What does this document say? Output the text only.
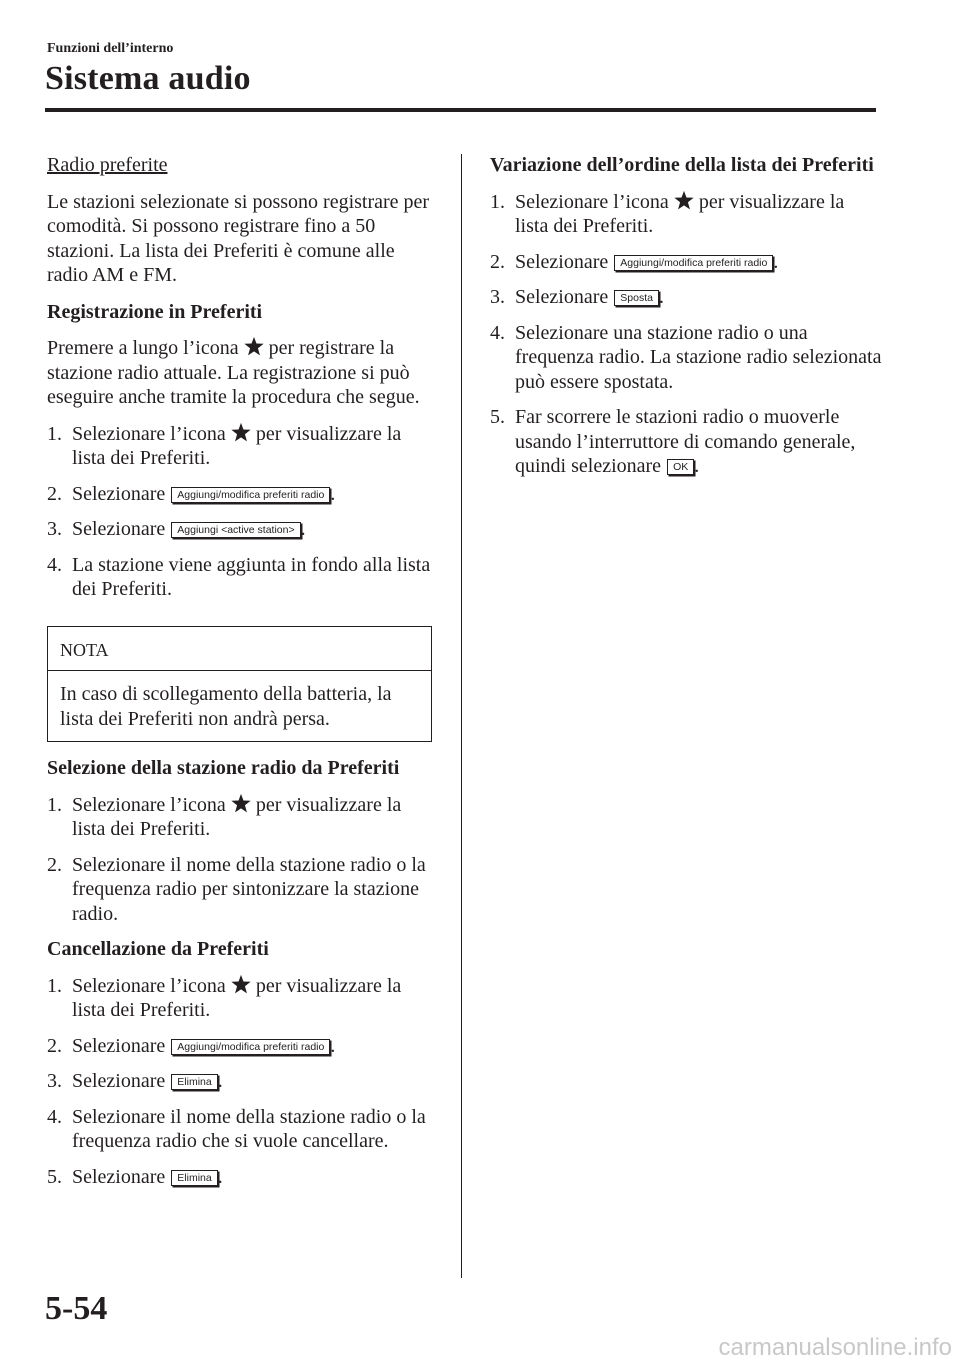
Funzioni dell’interno
Sistema audio
Radio preferite
Le stazioni selezionate si possono registrare per comodità. Si possono registrare fino a 50 stazioni. La lista dei Preferiti è comune alle radio AM e FM.
Registrazione in Preferiti
Premere a lungo l’icona per registrare la stazione radio attuale. La registrazione si può eseguire anche tramite la procedura che segue.
1. Selezionare l’icona per visualizzare la lista dei Preferiti.
2. Selezionare Aggiungi/modifica preferiti radio .
3. Selezionare Aggiungi <active station> .
4. La stazione viene aggiunta in fondo alla lista dei Preferiti.
NOTA
In caso di scollegamento della batteria, la lista dei Preferiti non andrà persa.
Selezione della stazione radio da Preferiti
1. Selezionare l’icona per visualizzare la lista dei Preferiti.
2. Selezionare il nome della stazione radio o la frequenza radio per sintonizzare la stazione radio.
Cancellazione da Preferiti
1. Selezionare l’icona per visualizzare la lista dei Preferiti.
2. Selezionare Aggiungi/modifica preferiti radio .
3. Selezionare Elimina .
4. Selezionare il nome della stazione radio o la frequenza radio che si vuole cancellare.
5. Selezionare Elimina .
Variazione dell’ordine della lista dei Preferiti
1. Selezionare l’icona per visualizzare la lista dei Preferiti.
2. Selezionare Aggiungi/modifica preferiti radio .
3. Selezionare Sposta .
4. Selezionare una stazione radio o una frequenza radio. La stazione radio selezionata può essere spostata.
5. Far scorrere le stazioni radio o muoverle usando l’interruttore di comando generale, quindi selezionare OK .
5-54
carmanualsonline.info
